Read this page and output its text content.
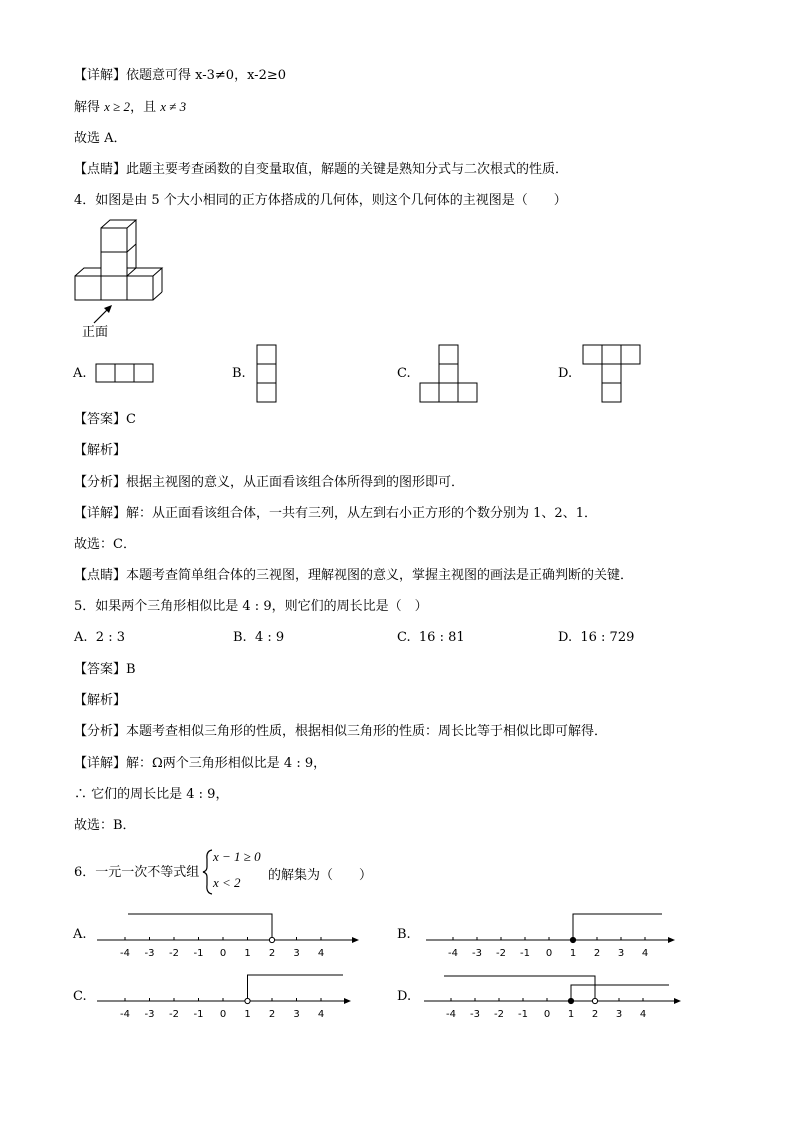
【详解】依题意可得 x-3≠0，x-2≥0
解得 x ≥ 2，且 x ≠ 3
故选 A．
【点睛】此题主要考查函数的自变量取值，解题的关键是熟知分式与二次根式的性质．
4．如图是由 5 个大小相同的正方体搭成的几何体，则这个几何体的主视图是（　　）
正面
A.	B.	C.	D.
【答案】C
【解析】
【分析】根据主视图的意义，从正面看该组合体所得到的图形即可．
【详解】解：从正面看该组合体，一共有三列，从左到右小正方形的个数分别为 1、2、1．
故选：C．
【点睛】本题考查简单组合体的三视图，理解视图的意义，掌握主视图的画法是正确判断的关键．
5．如果两个三角形相似比是 4 : 9，则它们的周长比是（　）
A. 2 : 3	B. 4 : 9	C. 16 : 81	D. 16 : 729
【答案】B
【解析】
【分析】本题考查相似三角形的性质，根据相似三角形的性质：周长比等于相似比即可解得．
【详解】解：Ω两个三角形相似比是 4 : 9，
∴ 它们的周长比是 4 : 9，
故选：B．
6．一元一次不等式组
x − 1 ≥ 0
x < 2 的解集为（　　）
A.	B.
C.	D.
-4 -3 -2 -1 0 1 2 3 4	-4 -3 -2 -1 0 1 2 3 4
-4 -3 -2 -1 0 1 2 3 4	-4 -3 -2 -1 0 1 2 3 4
